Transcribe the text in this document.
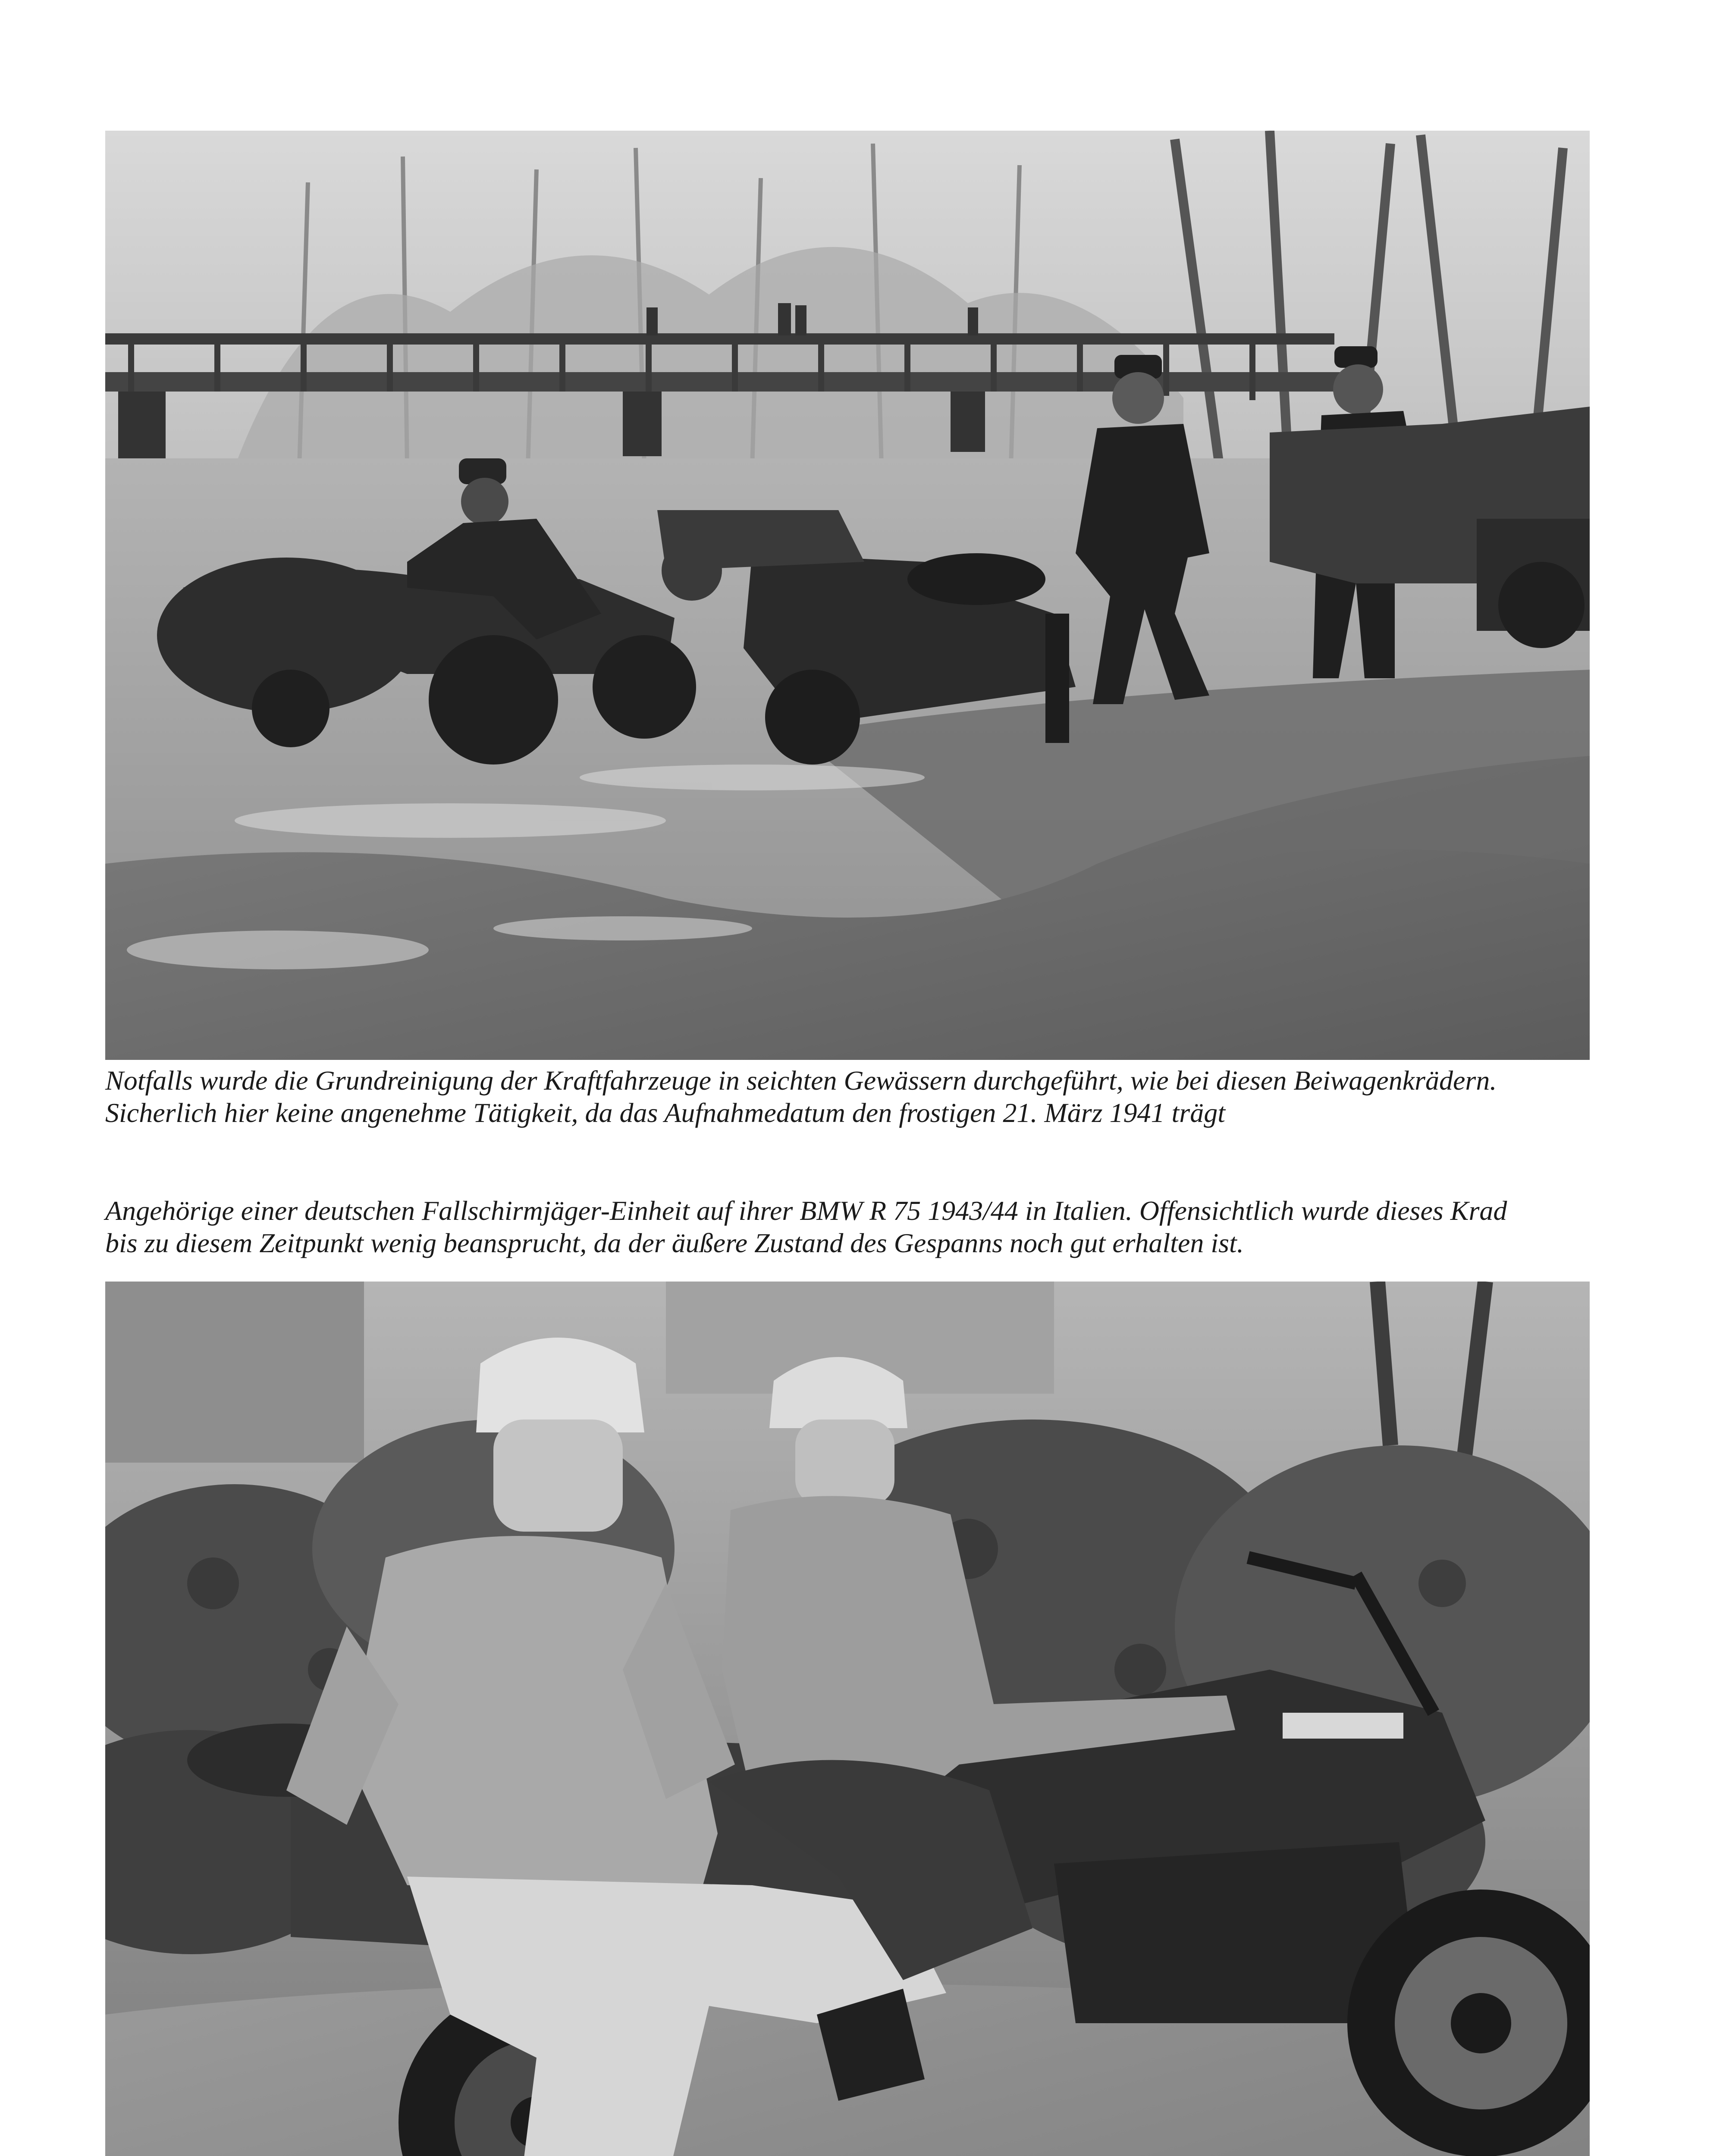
Notfalls wurde die Grundreinigung der Kraftfahrzeuge in seichten Gewässern durchgeführt, wie bei diesen Beiwagenkrädern.

Sicherlich hier keine angenehme Tätigkeit, da das Aufnahmedatum den frostigen 21. März 1941 trägt

Angehörige einer deutschen Fallschirmjäger-Einheit auf ihrer BMW R 75 1943/44 in Italien. Offensichtlich wurde dieses Krad

bis zu diesem Zeitpunkt wenig beansprucht, da der äußere Zustand des Gespanns noch gut erhalten ist.
